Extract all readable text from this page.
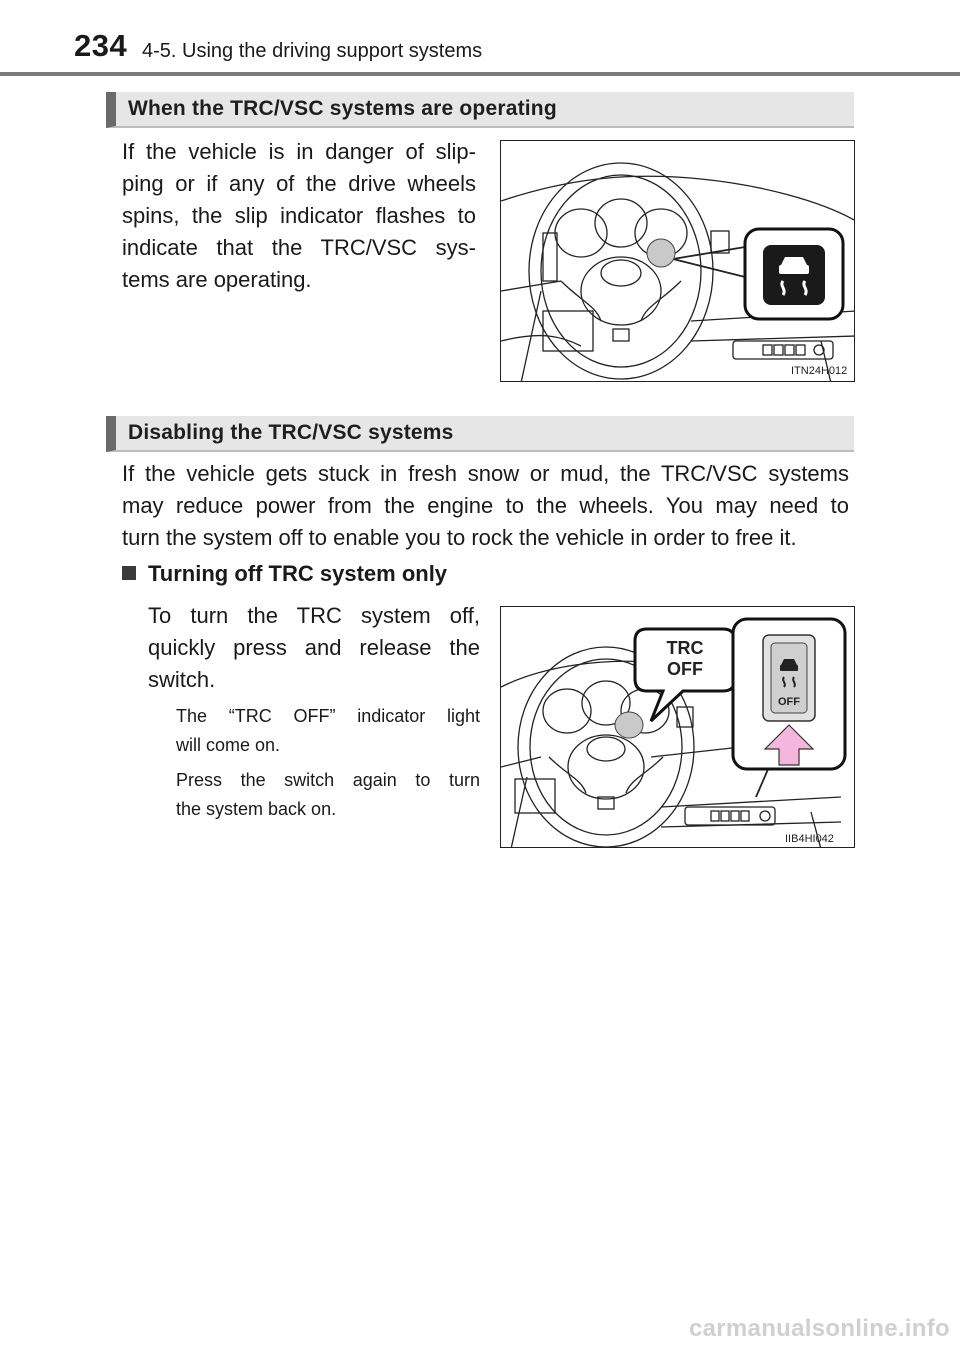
234 4-5. Using the driving support systems
When the TRC/VSC systems are operating

If the vehicle is in danger of slip-

ping or if any of the drive wheels

spins, the slip indicator flashes to

indicate that the TRC/VSC sys-

tems are operating.

ITN24H012
Disabling the TRC/VSC systems

If the vehicle gets stuck in fresh snow or mud, the TRC/VSC systems

may reduce power from the engine to the wheels. You may need to

turn the system off to enable you to rock the vehicle in order to free it.

Turning off TRC system only

To turn the TRC system off,

quickly press and release the

switch.

The “TRC OFF” indicator light

will come on.

Press the switch again to turn

the system back on.

TRC
OFF
OFF
IIB4HI042
carmanualsonline.info
